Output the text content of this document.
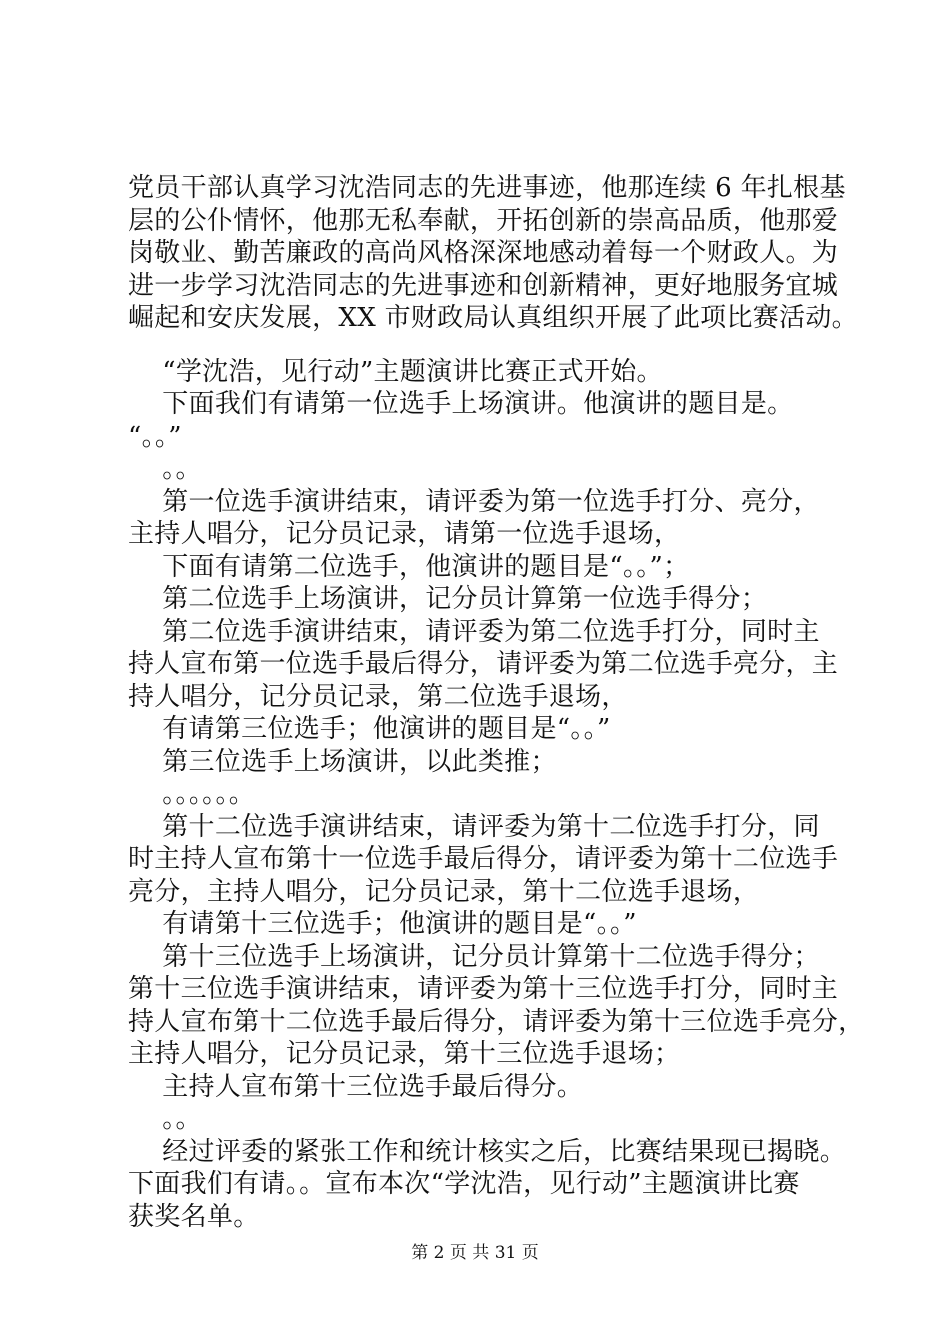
党员干部认真学习沈浩同志的先进事迹，他那连续 6 年扎根基
层的公仆情怀，他那无私奉献，开拓创新的崇高品质，他那爱
岗敬业、勤苦廉政的高尚风格深深地感动着每一个财政人。为
进一步学习沈浩同志的先进事迹和创新精神，更好地服务宜城
崛起和安庆发展，XX 市财政局认真组织开展了此项比赛活动。
“学沈浩，见行动”主题演讲比赛正式开始。
下面我们有请第一位选手上场演讲。他演讲的题目是。
“。。”
。。
第一位选手演讲结束，请评委为第一位选手打分、亮分，
主持人唱分，记分员记录，请第一位选手退场，
下面有请第二位选手，他演讲的题目是“。。”；
第二位选手上场演讲，记分员计算第一位选手得分；
第二位选手演讲结束，请评委为第二位选手打分，同时主
持人宣布第一位选手最后得分，请评委为第二位选手亮分，主
持人唱分，记分员记录，第二位选手退场，
有请第三位选手；他演讲的题目是“。。”
第三位选手上场演讲，以此类推；
。。。。。。
第十二位选手演讲结束，请评委为第十二位选手打分，同
时主持人宣布第十一位选手最后得分，请评委为第十二位选手
亮分，主持人唱分，记分员记录，第十二位选手退场，
有请第十三位选手；他演讲的题目是“。。”
第十三位选手上场演讲，记分员计算第十二位选手得分；
第十三位选手演讲结束，请评委为第十三位选手打分，同时主
持人宣布第十二位选手最后得分，请评委为第十三位选手亮分，
主持人唱分，记分员记录，第十三位选手退场；
主持人宣布第十三位选手最后得分。
。。
经过评委的紧张工作和统计核实之后，比赛结果现已揭晓。
下面我们有请。。宣布本次“学沈浩，见行动”主题演讲比赛
获奖名单。
第 2 页 共 31 页
